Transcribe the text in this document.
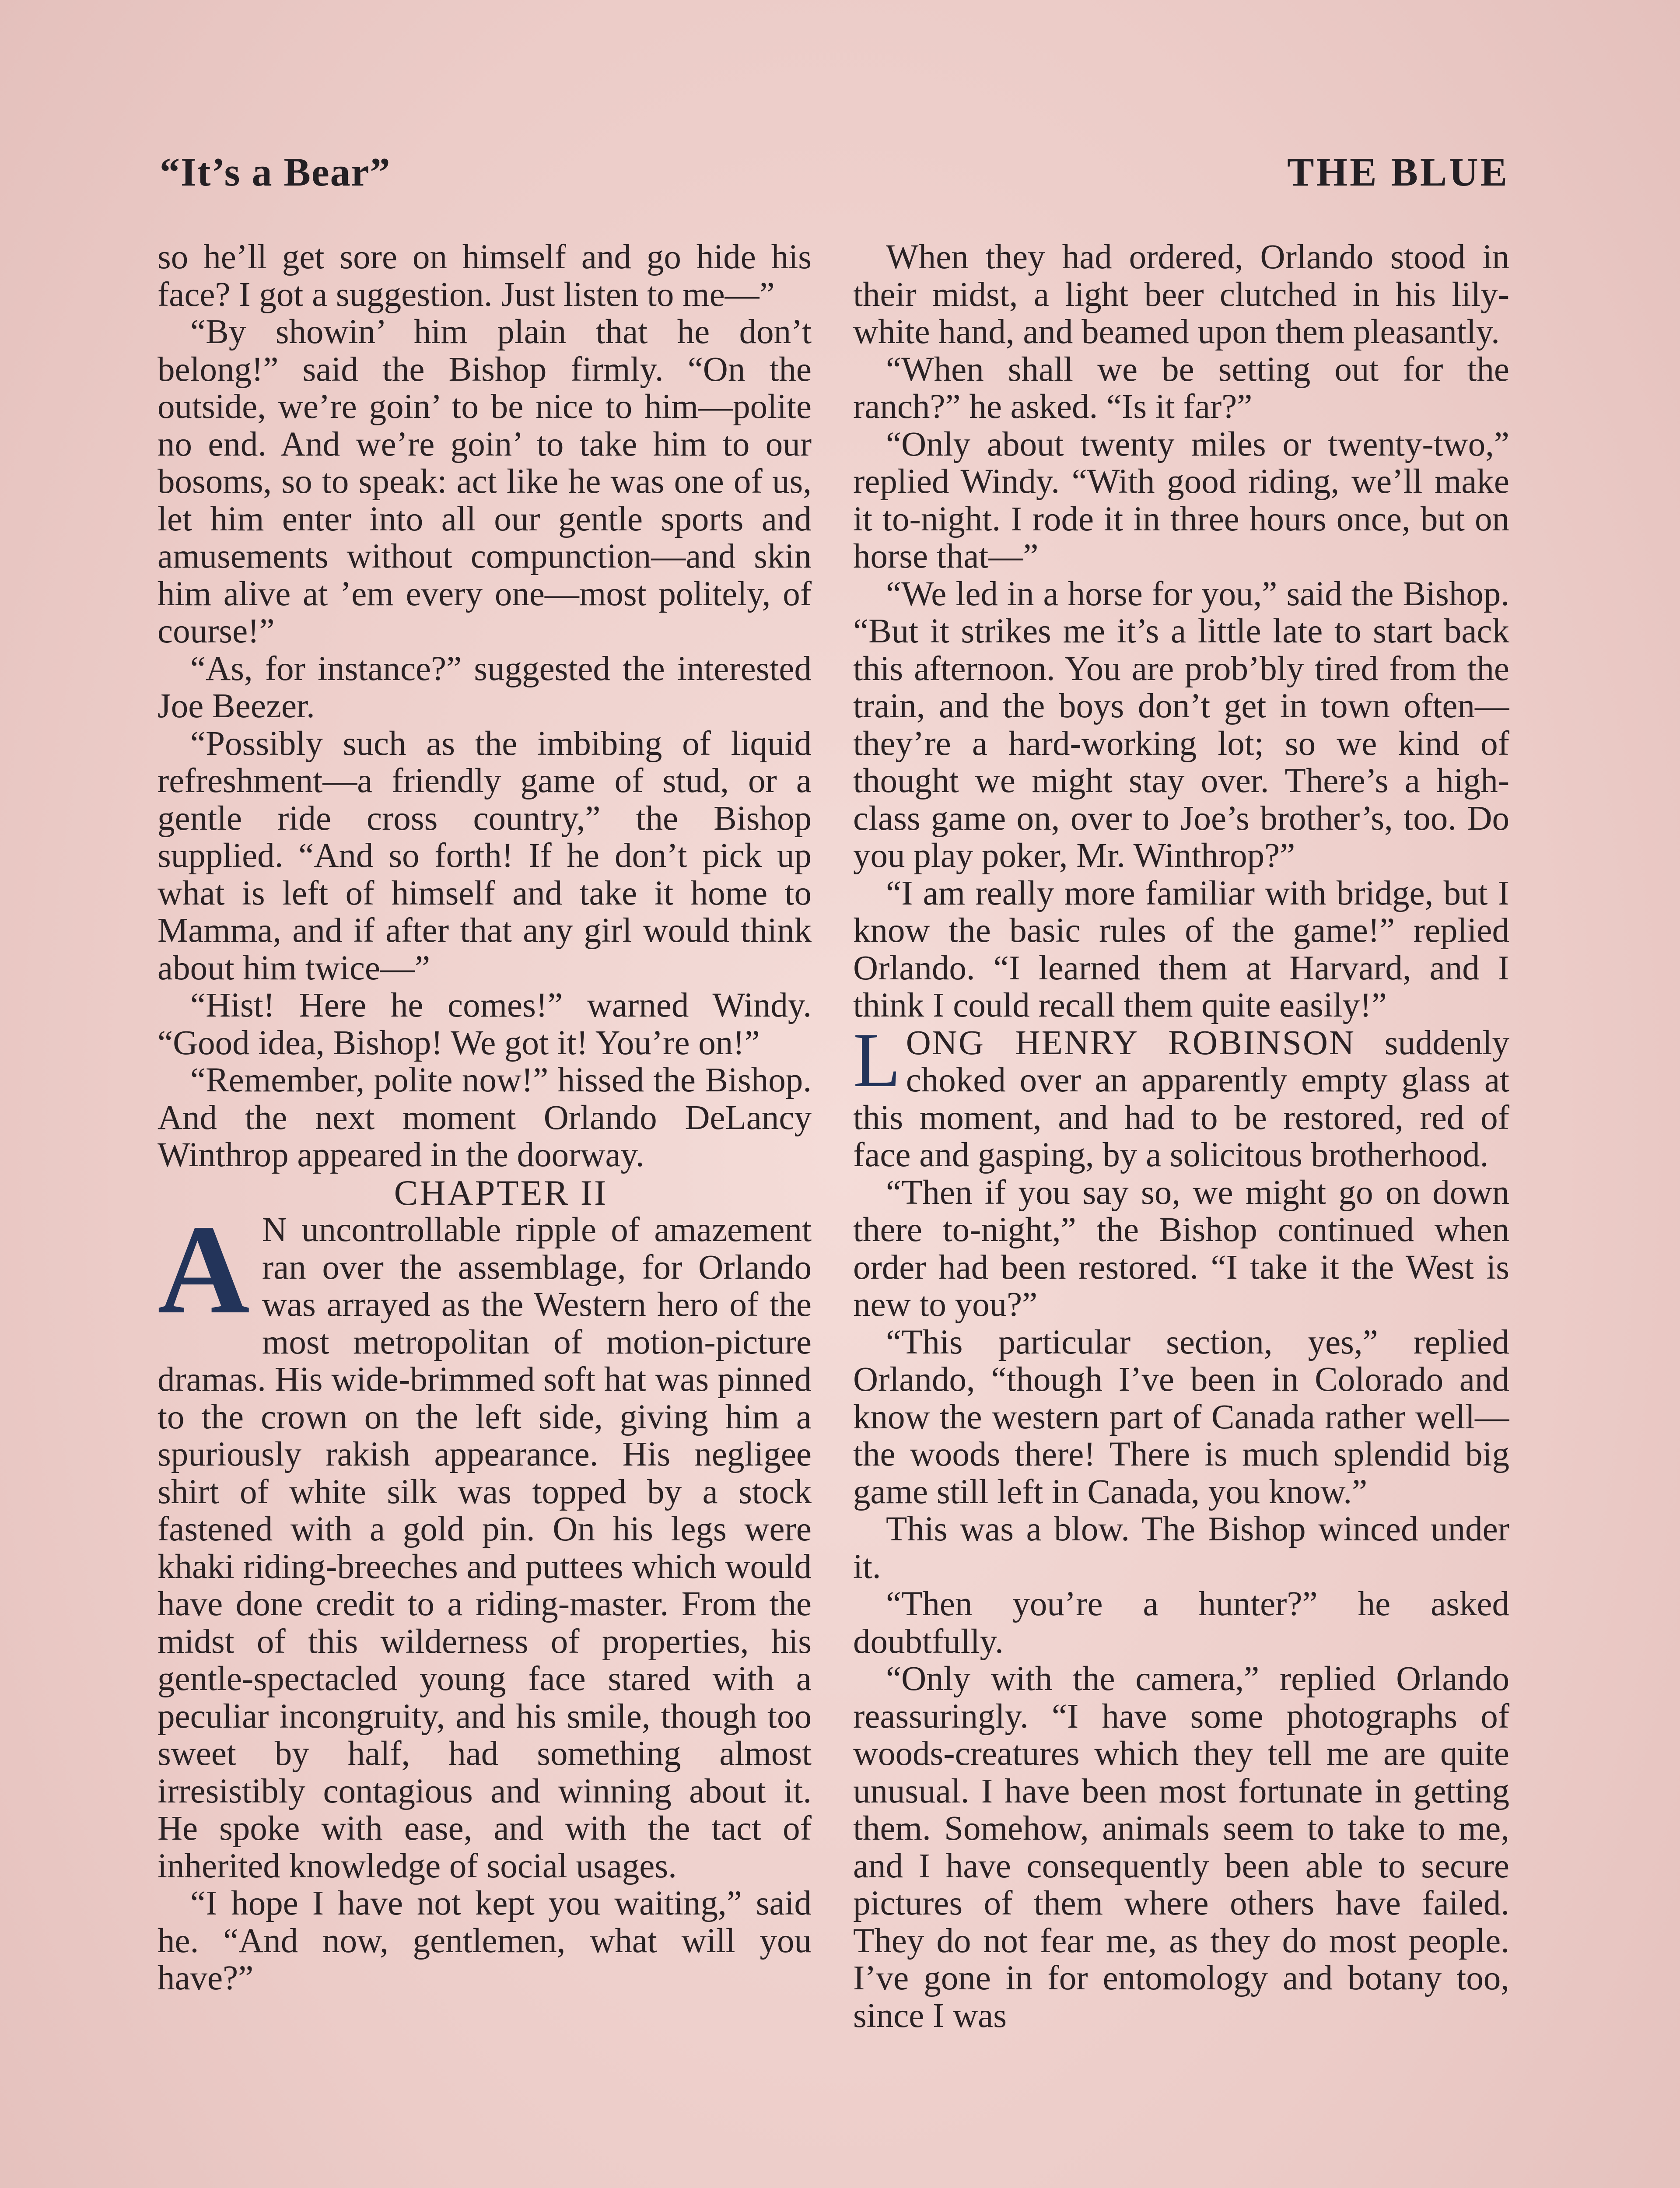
“It’s a Bear”	THE BLUE

so he’ll get sore on himself and go hide his face? I got a suggestion. Just listen to me—”

“By showin’ him plain that he don’t belong!” said the Bishop firmly. “On the outside, we’re goin’ to be nice to him—polite no end. And we’re goin’ to take him to our bosoms, so to speak: act like he was one of us, let him enter into all our gentle sports and amusements without compunction—and skin him alive at ’em every one—most politely, of course!”

“As, for instance?” suggested the interested Joe Beezer.

“Possibly such as the imbibing of liquid refreshment—a friendly game of stud, or a gentle ride cross country,” the Bishop supplied. “And so forth! If he don’t pick up what is left of himself and take it home to Mamma, and if after that any girl would think about him twice—”

“Hist! Here he comes!” warned Windy. “Good idea, Bishop! We got it! You’re on!”

“Remember, polite now!” hissed the Bishop. And the next moment Orlando DeLancy Winthrop appeared in the doorway.

CHAPTER II

A N uncontrollable ripple of amazement ran over the assemblage, for Orlando was arrayed as the Western hero of the most metropolitan of motion-picture dramas. His wide-brimmed soft hat was pinned to the crown on the left side, giving him a spuriously rakish appearance. His negligee shirt of white silk was topped by a stock fastened with a gold pin. On his legs were khaki riding-breeches and puttees which would have done credit to a riding-master. From the midst of this wilderness of properties, his gentle-spectacled young face stared with a peculiar incongruity, and his smile, though too sweet by half, had something almost irresistibly contagious and winning about it. He spoke with ease, and with the tact of inherited knowledge of social usages.

“I hope I have not kept you waiting,” said he. “And now, gentlemen, what will you have?”

When they had ordered, Orlando stood in their midst, a light beer clutched in his lily-white hand, and beamed upon them pleasantly.

“When shall we be setting out for the ranch?” he asked. “Is it far?”

“Only about twenty miles or twenty-two,” replied Windy. “With good riding, we’ll make it to-night. I rode it in three hours once, but on horse that—”

“We led in a horse for you,” said the Bishop. “But it strikes me it’s a little late to start back this afternoon. You are prob’bly tired from the train, and the boys don’t get in town often—they’re a hard-working lot; so we kind of thought we might stay over. There’s a high-class game on, over to Joe’s brother’s, too. Do you play poker, Mr. Winthrop?”

“I am really more familiar with bridge, but I know the basic rules of the game!” replied Orlando. “I learned them at Harvard, and I think I could recall them quite easily!”

LONG HENRY ROBINSON suddenly choked over an apparently empty glass at this moment, and had to be restored, red of face and gasping, by a solicitous brotherhood.

“Then if you say so, we might go on down there to-night,” the Bishop continued when order had been restored. “I take it the West is new to you?”

“This particular section, yes,” replied Orlando, “though I’ve been in Colorado and know the western part of Canada rather well—the woods there! There is much splendid big game still left in Canada, you know.”

This was a blow. The Bishop winced under it.

“Then you’re a hunter?” he asked doubtfully.

“Only with the camera,” replied Orlando reassuringly. “I have some photographs of woods-creatures which they tell me are quite unusual. I have been most fortunate in getting them. Somehow, animals seem to take to me, and I have consequently been able to secure pictures of them where others have failed. They do not fear me, as they do most people. I’ve gone in for entomology and botany too, since I was
